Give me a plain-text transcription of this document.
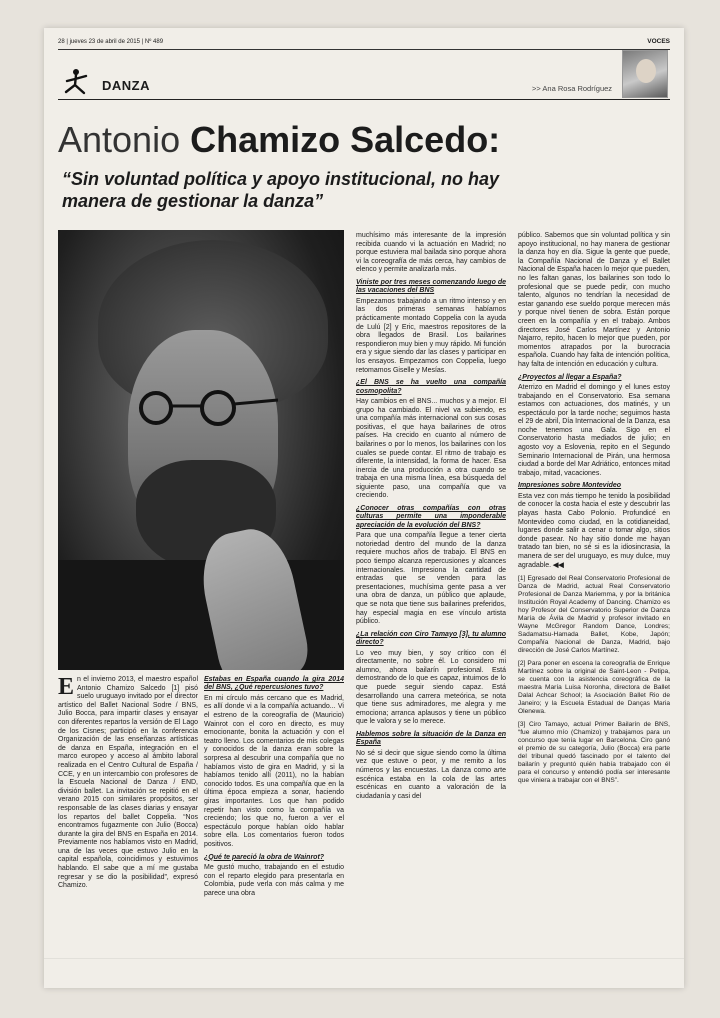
28 | jueves 23 de abril de 2015 | Nº 489	VOCES
DANZA	>> Ana Rosa Rodríguez
Antonio Chamizo Salcedo:
“Sin voluntad política y apoyo institucional, no hay manera de gestionar la danza”

En el invierno 2013, el maestro español Antonio Chamizo Salcedo [1] pisó suelo uruguayo invitado por el director artístico del Ballet Nacional Sodre / BNS, Julio Bocca, para impartir clases y ensayar con diferentes repartos la versión de El Lago de los Cisnes; participó en la conferencia Organización de las enseñanzas artísticas de danza en España, integración en el marco europeo y acceso al ámbito laboral realizada en el Centro Cultural de España / CCE, y en un intercambio con profesores de la Escuela Nacional de Danza / END, división ballet. La invitación se repitió en el verano 2015 con similares propósitos, ser responsable de las clases diarias y ensayar los repartos del ballet Coppelia. “Nos encontramos fugazmente con Julio (Bocca) durante la gira del BNS en España en 2014. Previamente nos habíamos visto en Madrid, una de las veces que estuvo Julio en la capital española, coincidimos y estuvimos hablando. El sabe que a mí me gustaba regresar y se dio la posibilidad”, expresó Chamizo.

Estabas en España cuando la gira 2014 del BNS, ¿Qué repercusiones tuvo?

En mi círculo más cercano que es Madrid, es allí donde vi a la compañía actuando... Vi el estreno de la coreografía de (Mauricio) Wainrot con el coro en directo, es muy emocionante, bonita la actuación y con el teatro lleno. Los comentarios de mis colegas y conocidos de la danza eran sobre la sorpresa al descubrir una compañía que no habíamos visto de gira en Madrid, y si la habíamos tenido allí (2011), no la habían conocido todos. Es una compañía que en la última época empieza a sonar, haciendo giras importantes. Los que han podido repetir han visto como la compañía va creciendo; los que no, fueron a ver el espectáculo porque habían oído hablar sobre ella. Los comentarios fueron todos positivos.

¿Qué te pareció la obra de Wainrot?

Me gustó mucho, trabajando en el estudio con el reparto elegido para presentarla en Colombia, pude verla con más calma y me parece una obra

muchísimo más interesante de la impresión recibida cuando vi la actuación en Madrid; no porque estuviera mal bailada sino porque ahora vi la coreografía de más cerca, hay cambios de elenco y permite analizarla más.

Viniste por tres meses comenzando luego de las vacaciones del BNS

Empezamos trabajando a un ritmo intenso y en las dos primeras semanas habíamos prácticamente montado Coppelia con la ayuda de Lulú [2] y Eric, maestros repositores de la obra llegados de Brasil. Los bailarines respondieron muy bien y muy rápido. Mi función era y sigue siendo dar las clases y participar en los ensayos. Empezamos con Coppelia, luego retomamos Giselle y Mesías.

¿El BNS se ha vuelto una compañía cosmopolita?

Hay cambios en el BNS... muchos y a mejor. El grupo ha cambiado. El nivel va subiendo, es una compañía más internacional con sus cosas positivas, el que haya bailarines de otros países. Ha crecido en cuanto al número de bailarines o por lo menos, los bailarines con los cuales se puede contar. El ritmo de trabajo es diferente, la intensidad, la forma de hacer. Esa inercia de una producción a otra cuando se trabaja en una misma línea, esa búsqueda del siguiente paso, una compañía que va creciendo.

¿Conocer otras compañías con otras culturas permite una imponderable apreciación de la evolución del BNS?

Para que una compañía llegue a tener cierta notoriedad dentro del mundo de la danza requiere muchos años de trabajo. El BNS en poco tiempo alcanza repercusiones y alcances internacionales. Impresiona la cantidad de entradas que se venden para las presentaciones, muchísima gente pasa a ver una obra de danza, un público que aplaude, que se nota que tiene sus bailarines preferidos, hay especial magia en ese vínculo artista público.

¿La relación con Ciro Tamayo [3], tu alumno directo?

Lo veo muy bien, y soy crítico con él directamente, no sobre él. Lo considero mi alumno, ahora bailarín profesional. Está demostrando de lo que es capaz, intuimos de lo que puede seguir siendo capaz. Está desarrollando una carrera meteórica, se nota que tiene sus admiradores, me alegra y me emociona; arranca aplausos y tiene un público que le valora y se lo merece.

Hablemos sobre la situación de la Danza en España

No sé si decir que sigue siendo como la última vez que estuve o peor, y me remito a los números y las encuestas. La danza como arte escénica estaba en la cola de las artes escénicas en cuanto a valoración de la ciudadanía y casi del

público. Sabemos que sin voluntad política y sin apoyo institucional, no hay manera de gestionar la danza hoy en día. Sigue la gente que puede, la Compañía Nacional de Danza y el Ballet Nacional de España hacen lo mejor que pueden, no les faltan ganas, los bailarines son todo lo profesional que se puede pedir, con mucho talento, algunos no tendrían la necesidad de estar ganando ese sueldo porque merecen más y porque nivel tienen de sobra. Están porque creen en la compañía y en el trabajo. Ambos directores José Carlos Martínez y Antonio Najarro, repito, hacen lo mejor que pueden, por momentos atrapados por la burocracia española. Cuando hay falta de intención política, hay falta de intención en educación y cultura.

¿Proyectos al llegar a España?

Aterrizo en Madrid el domingo y el lunes estoy trabajando en el Conservatorio. Esa semana estamos con actuaciones, dos matinés, y un espectáculo por la tarde noche; seguimos hasta el 29 de abril, Día Internacional de la Danza, esa noche tenemos una Gala. Sigo en el Conservatorio hasta mediados de julio; en agosto voy a Eslovenia, repito en el Segundo Seminario Internacional de Pirán, una hermosa ciudad a borde del Mar Adriático, entonces mitad trabajo, mitad, vacaciones.

Impresiones sobre Montevideo

Esta vez con más tiempo he tenido la posibilidad de conocer la costa hacia el este y descubrir las playas hasta Cabo Polonio. Profundicé en Montevideo como ciudad, en la cotidianeidad, lugares donde salir a cenar o tomar algo, sitios donde pasear. No hay sitio donde me hayan tratado tan bien, no sé si es la idiosincrasia, la manera de ser del uruguayo, es muy dulce, muy agradable. ◀◀

[1] Egresado del Real Conservatorio Profesional de Danza de Madrid, actual Real Conservatorio Profesional de Danza Mariemma, y por la británica Institución Royal Academy of Dancing. Chamizo es hoy Profesor del Conservatorio Superior de Danza María de Ávila de Madrid y profesor invitado en Wayne McGregor Random Dance, Londres; Sadamatsu-Hamada Ballet, Kobe, Japón; Compañía Nacional de Danza, Madrid, bajo dirección de José Carlos Martínez.

[2] Para poner en escena la coreografía de Enrique Martínez sobre la original de Saint-Leon - Petipa, se cuenta con la asistencia coreográfica de la maestra María Luisa Noronha, directora de Ballet Dalal Achcar School; la Asociación Ballet Rio de Janeiro; y la Escuela Estadual de Danças Maria Olenewa.

[3] Ciro Tamayo, actual Primer Bailarín de BNS, “fue alumno mío (Chamizo) y trabajamos para un concurso que tenía lugar en Barcelona. Ciro ganó el premio de su categoría, Julio (Bocca) era parte del tribunal quedó fascinado por el talento del bailarín y preguntó quién había trabajado con él para el concurso y entendió podía ser interesante que viniera a trabajar con el BNS”.
